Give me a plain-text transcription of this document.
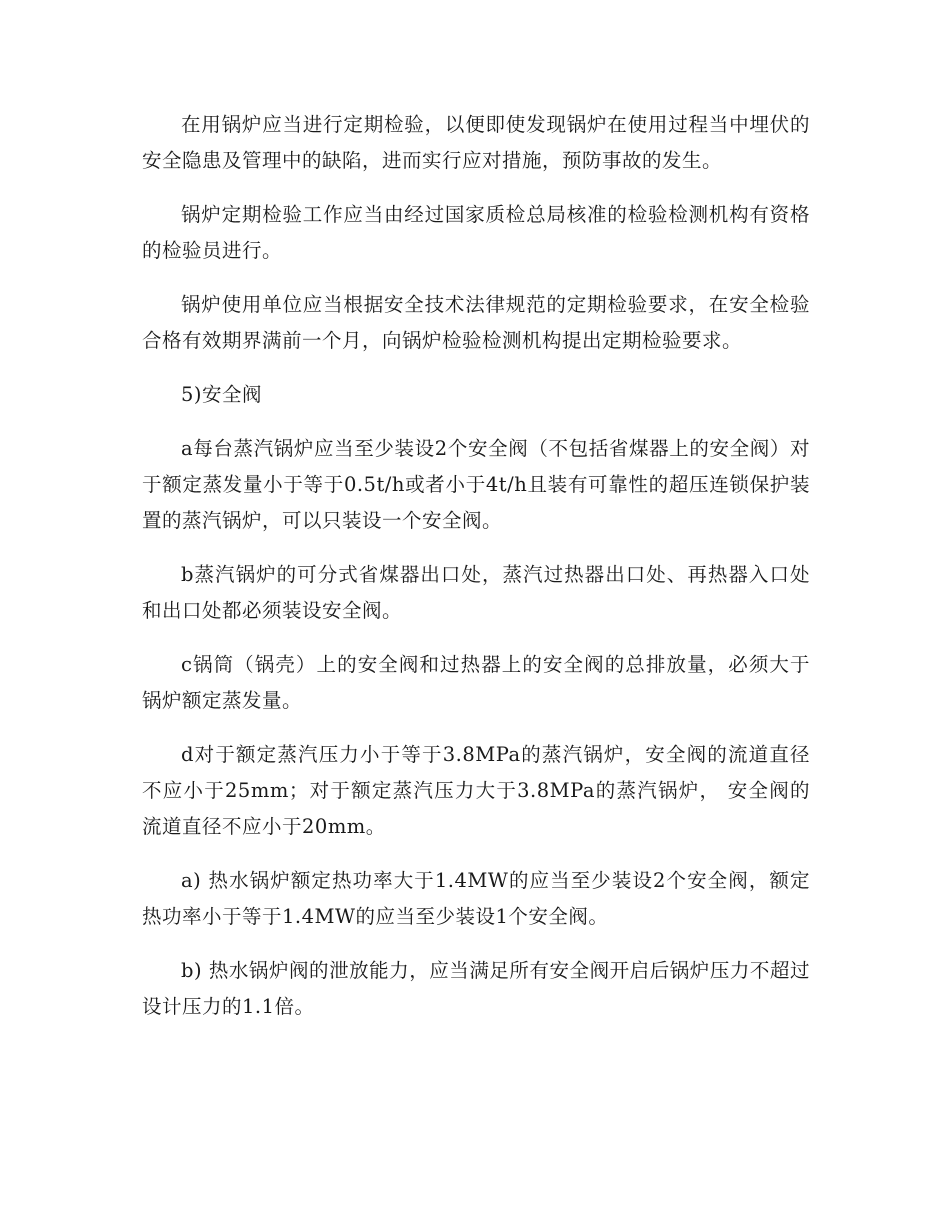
在用锅炉应当进行定期检验，以便即使发现锅炉在使用过程当中埋伏的安全隐患及管理中的缺陷，进而实行应对措施，预防事故的发生。

锅炉定期检验工作应当由经过国家质检总局核准的检验检测机构有资格的检验员进行。

锅炉使用单位应当根据安全技术法律规范的定期检验要求，在安全检验合格有效期界满前一个月，向锅炉检验检测机构提出定期检验要求。

5)安全阀

a每台蒸汽锅炉应当至少装设2个安全阀（不包括省煤器上的安全阀）对于额定蒸发量小于等于0.5t/h或者小于4t/h且装有可靠性的超压连锁保护装置的蒸汽锅炉，可以只装设一个安全阀。

b蒸汽锅炉的可分式省煤器出口处，蒸汽过热器出口处、再热器入口处和出口处都必须装设安全阀。

c锅筒（锅壳）上的安全阀和过热器上的安全阀的总排放量，必须大于锅炉额定蒸发量。

d对于额定蒸汽压力小于等于3.8MPa的蒸汽锅炉，安全阀的流道直径不应小于25mm；对于额定蒸汽压力大于3.8MPa的蒸汽锅炉， 安全阀的流道直径不应小于20mm。

a) 热水锅炉额定热功率大于1.4MW的应当至少装设2个安全阀，额定热功率小于等于1.4MW的应当至少装设1个安全阀。

b) 热水锅炉阀的泄放能力，应当满足所有安全阀开启后锅炉压力不超过设计压力的1.1倍。
